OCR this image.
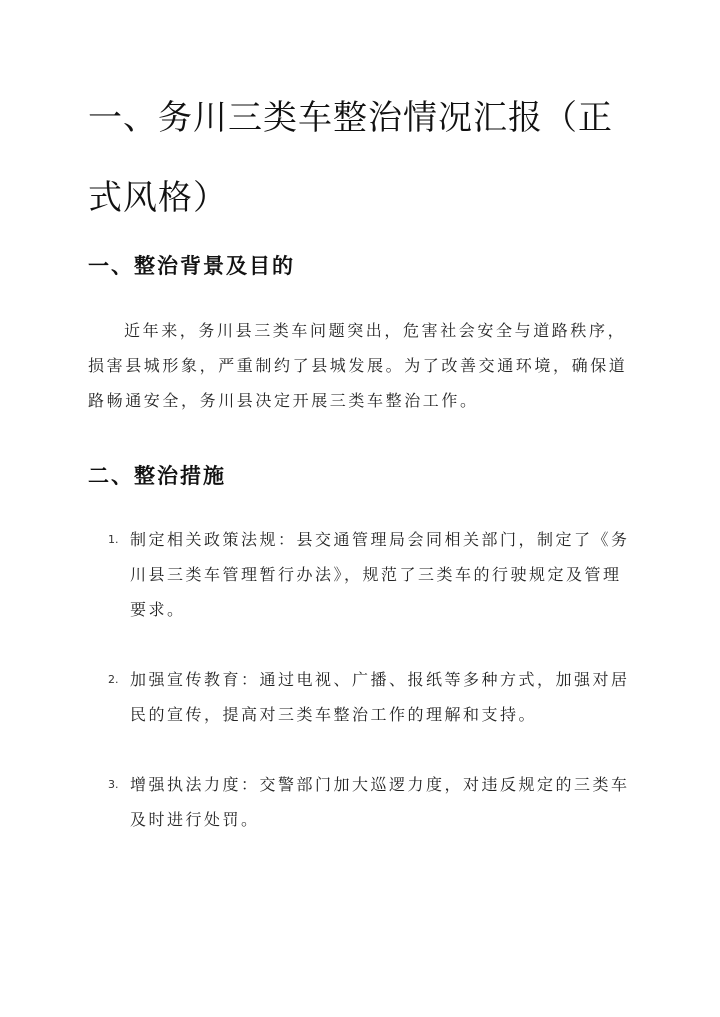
一、务川三类车整治情况汇报（正式风格）
一、整治背景及目的

近年来，务川县三类车问题突出，危害社会安全与道路秩序，损害县城形象，严重制约了县城发展。为了改善交通环境，确保道路畅通安全，务川县决定开展三类车整治工作。

二、整治措施
1. 制定相关政策法规：县交通管理局会同相关部门，制定了《务川县三类车管理暂行办法》，规范了三类车的行驶规定及管理要求。
2. 加强宣传教育：通过电视、广播、报纸等多种方式，加强对居民的宣传，提高对三类车整治工作的理解和支持。
3. 增强执法力度：交警部门加大巡逻力度，对违反规定的三类车及时进行处罚。
